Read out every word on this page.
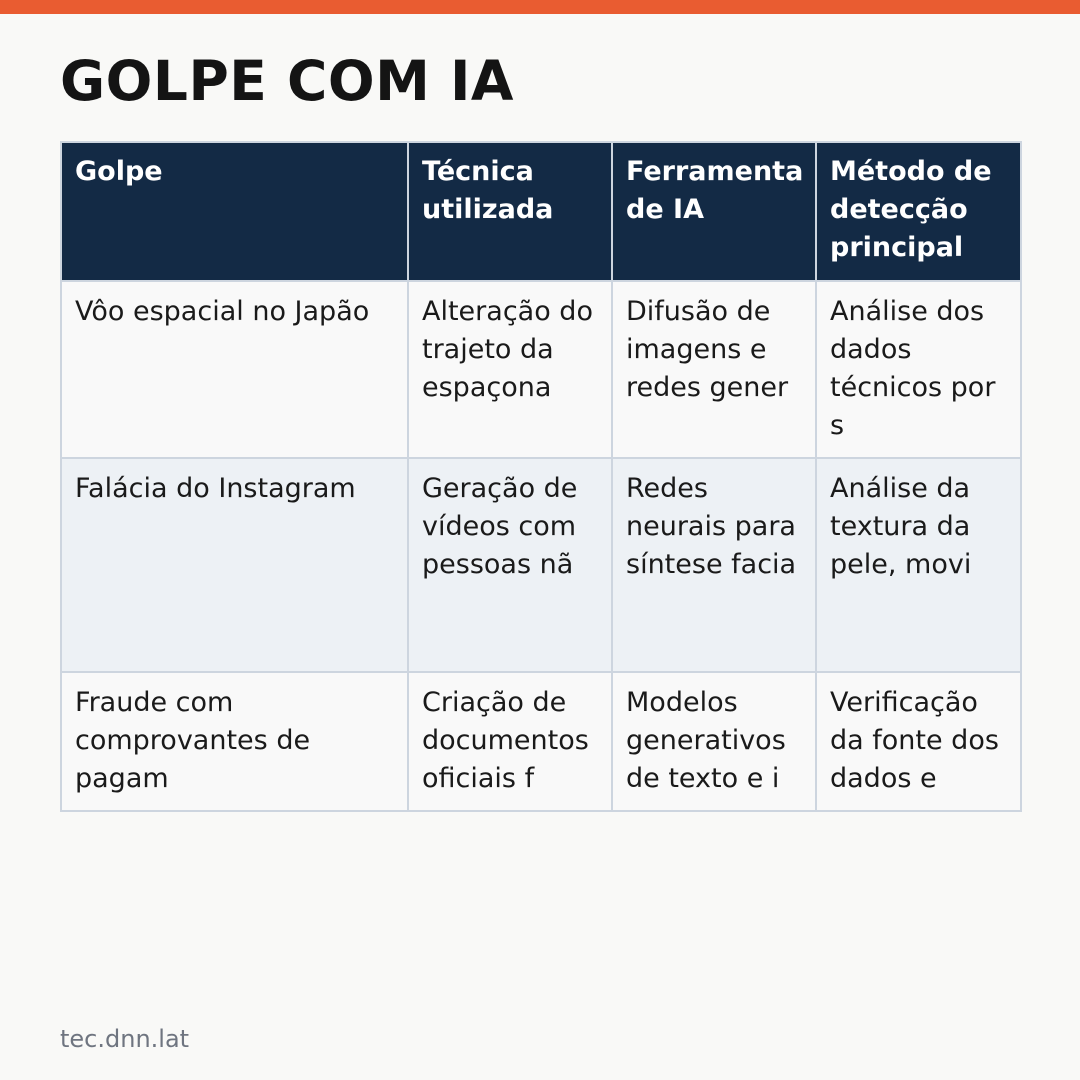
GOLPE COM IA
Golpe	Técnica utilizada	Ferramenta de IA	Método de detecção principal
Vôo espacial no Japão	Alteração do trajeto da espaçona	Difusão de imagens e redes gener	Análise dos dados técnicos por s
Falácia do Instagram	Geração de vídeos com pessoas nã	Redes neurais para síntese facia	Análise da textura da pele, movi
Fraude com comprovantes de pagam	Criação de documentos oficiais f	Modelos generativos de texto e i	Verificação da fonte dos dados e
tec.dnn.lat
